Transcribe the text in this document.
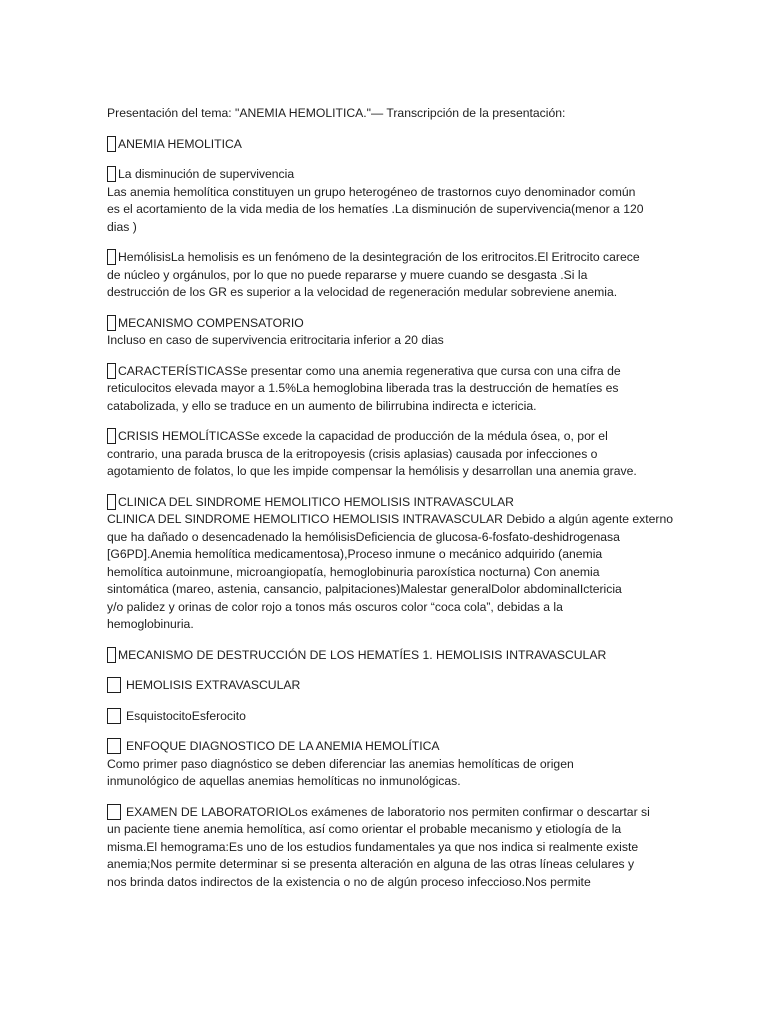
Presentación del tema: "ANEMIA HEMOLITICA."— Transcripción de la presentación:
ANEMIA HEMOLITICA
La disminución de supervivencia
Las anemia hemolítica constituyen un grupo heterogéneo de trastornos cuyo denominador común
es el acortamiento de la vida media de los hematíes .La disminución de supervivencia(menor a 120
dias )
HemólisisLa hemolisis es un fenómeno de la desintegración de los eritrocitos.El Eritrocito carece
de núcleo y orgánulos, por lo que no puede repararse y muere cuando se desgasta .Si la
destrucción de los GR es superior a la velocidad de regeneración medular sobreviene anemia.
MECANISMO COMPENSATORIO
Incluso en caso de supervivencia eritrocitaria inferior a 20 dias
CARACTERÍSTICASSe presentar como una anemia regenerativa que cursa con una cifra de
reticulocitos elevada mayor a 1.5%La hemoglobina liberada tras la destrucción de hematíes es
catabolizada, y ello se traduce en un aumento de bilirrubina indirecta e ictericia.
CRISIS HEMOLÍTICASSe excede la capacidad de producción de la médula ósea, o, por el
contrario, una parada brusca de la eritropoyesis (crisis aplasias) causada por infecciones o
agotamiento de folatos, lo que les impide compensar la hemólisis y desarrollan una anemia grave.
CLINICA DEL SINDROME HEMOLITICO HEMOLISIS INTRAVASCULAR
CLINICA DEL SINDROME HEMOLITICO HEMOLISIS INTRAVASCULAR Debido a algún agente externo
que ha dañado o desencadenado la hemólisisDeficiencia de glucosa-6-fosfato-deshidrogenasa
[G6PD].Anemia hemolítica medicamentosa),Proceso inmune o mecánico adquirido (anemia
hemolítica autoinmune, microangiopatía, hemoglobinuria paroxística nocturna) Con anemia
sintomática (mareo, astenia, cansancio, palpitaciones)Malestar generalDolor abdominalIctericia
y/o palidez y orinas de color rojo a tonos más oscuros color “coca cola”, debidas a la
hemoglobinuria.
MECANISMO DE DESTRUCCIÓN DE LOS HEMATÍES 1. HEMOLISIS INTRAVASCULAR
HEMOLISIS EXTRAVASCULAR
EsquistocitoEsferocito
ENFOQUE DIAGNOSTICO DE LA ANEMIA HEMOLÍTICA
Como primer paso diagnóstico se deben diferenciar las anemias hemolíticas de origen
inmunológico de aquellas anemias hemolíticas no inmunológicas.
EXAMEN DE LABORATORIOLos exámenes de laboratorio nos permiten confirmar o descartar si
un paciente tiene anemia hemolítica, así como orientar el probable mecanismo y etiología de la
misma.El hemograma:Es uno de los estudios fundamentales ya que nos indica si realmente existe
anemia;Nos permite determinar si se presenta alteración en alguna de las otras líneas celulares y
nos brinda datos indirectos de la existencia o no de algún proceso infeccioso.Nos permite
